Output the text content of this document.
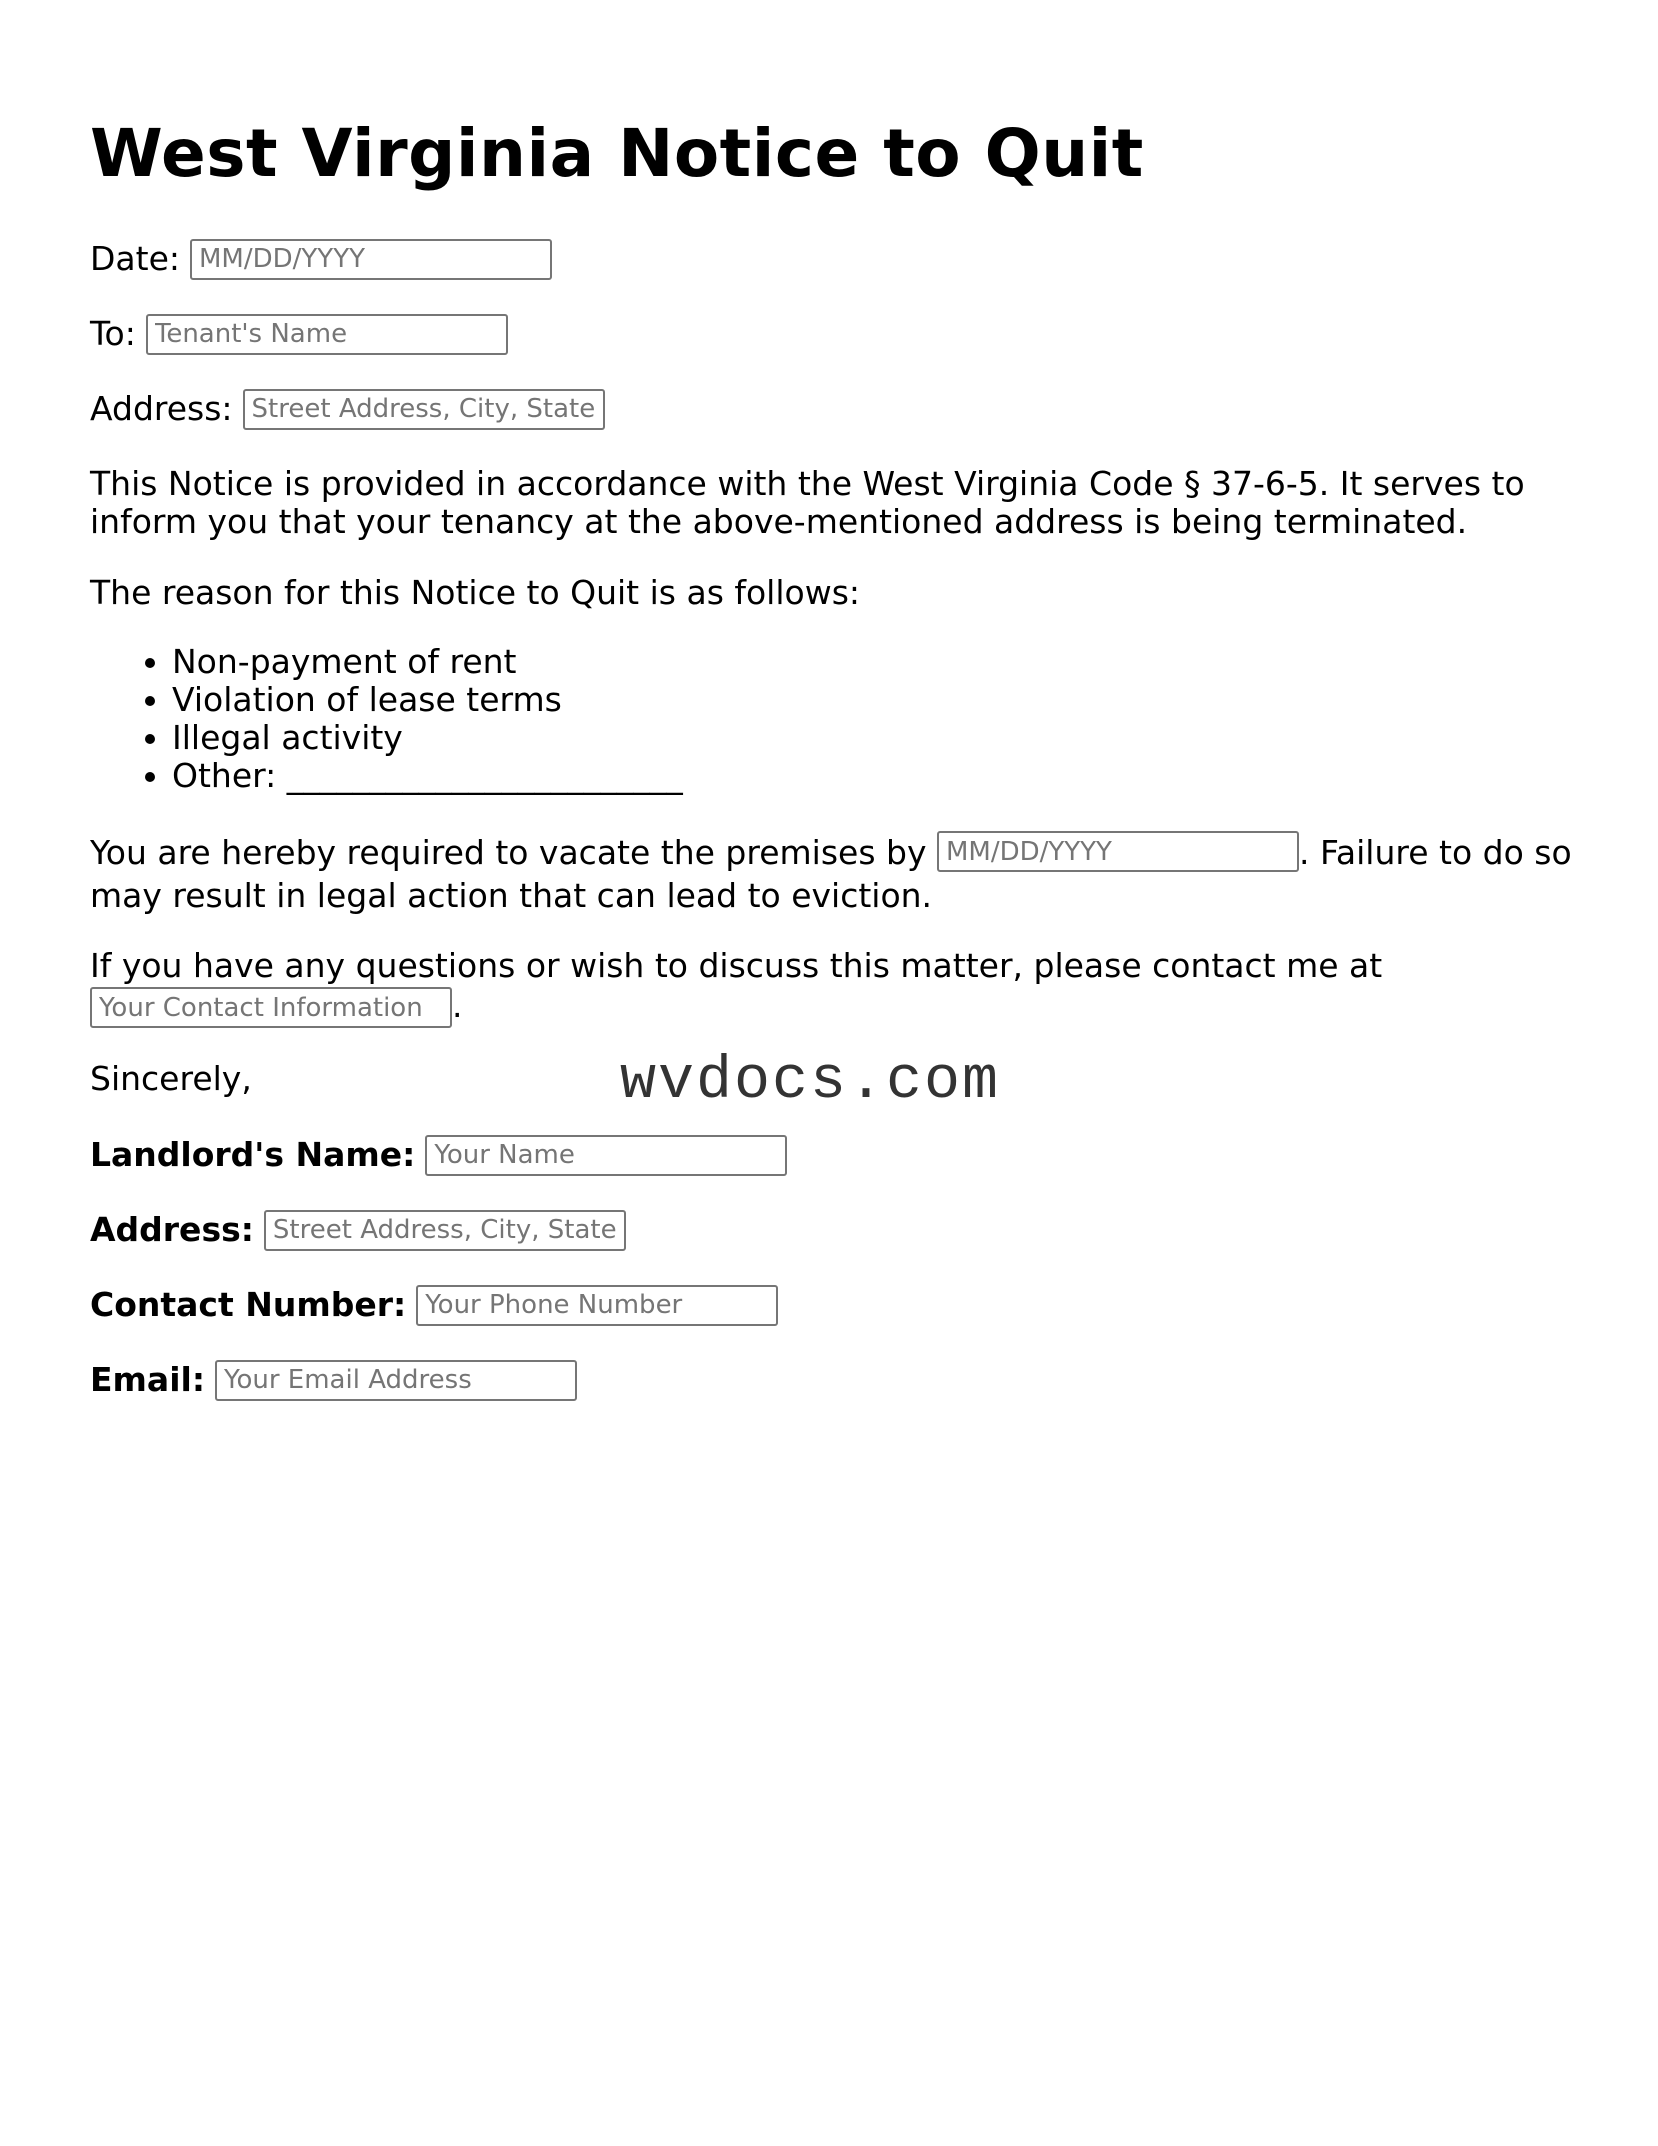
West Virginia Notice to Quit
Date:
MM/DD/YYYY
To:
Tenant's Name
Address:
Street Address, City, State

This Notice is provided in accordance with the West Virginia Code § 37-6-5. It serves to inform you that your tenancy at the above-mentioned address is being terminated.

The reason for this Notice to Quit is as follows:

• Non-payment of rent
• Violation of lease terms
• Illegal activity
• Other: ________________________

You are hereby required to vacate the premises by MM/DD/YYYY	. Failure to do so may result in legal action that can lead to eviction.

If you have any questions or wish to discuss this matter, please contact me at
Your Contact Information.

Sincerely,

Landlord's Name:
Your Name
Address:
Street Address, City, State
Contact Number:
Your Phone Number
Email:
Your Email Address
wvdocs.com
